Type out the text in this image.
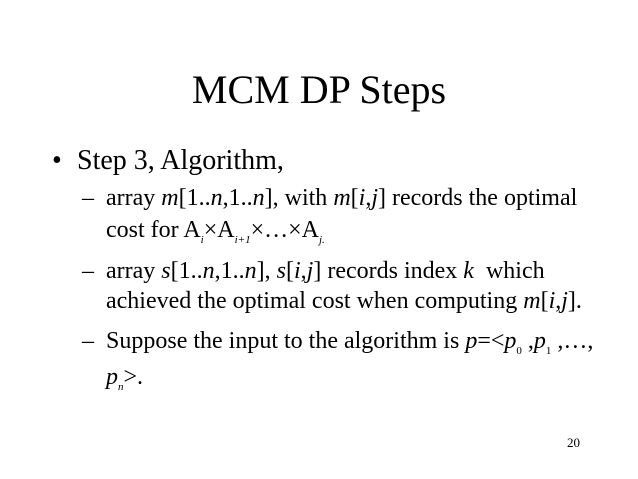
MCM DP Steps
• Step 3, Algorithm,
– array m[1..n,1..n], with m[i,j] records the optimal
cost for $A_i\times A_{i+1}\times\dots\times A_{j.}$
– array s[1..n,1..n], s[i,j] records index k  which
achieved the optimal cost when computing m[i,j].
– Suppose the input to the algorithm is $p=<p_0$ $,p_1$ ,…,
$p_n>$.
20
